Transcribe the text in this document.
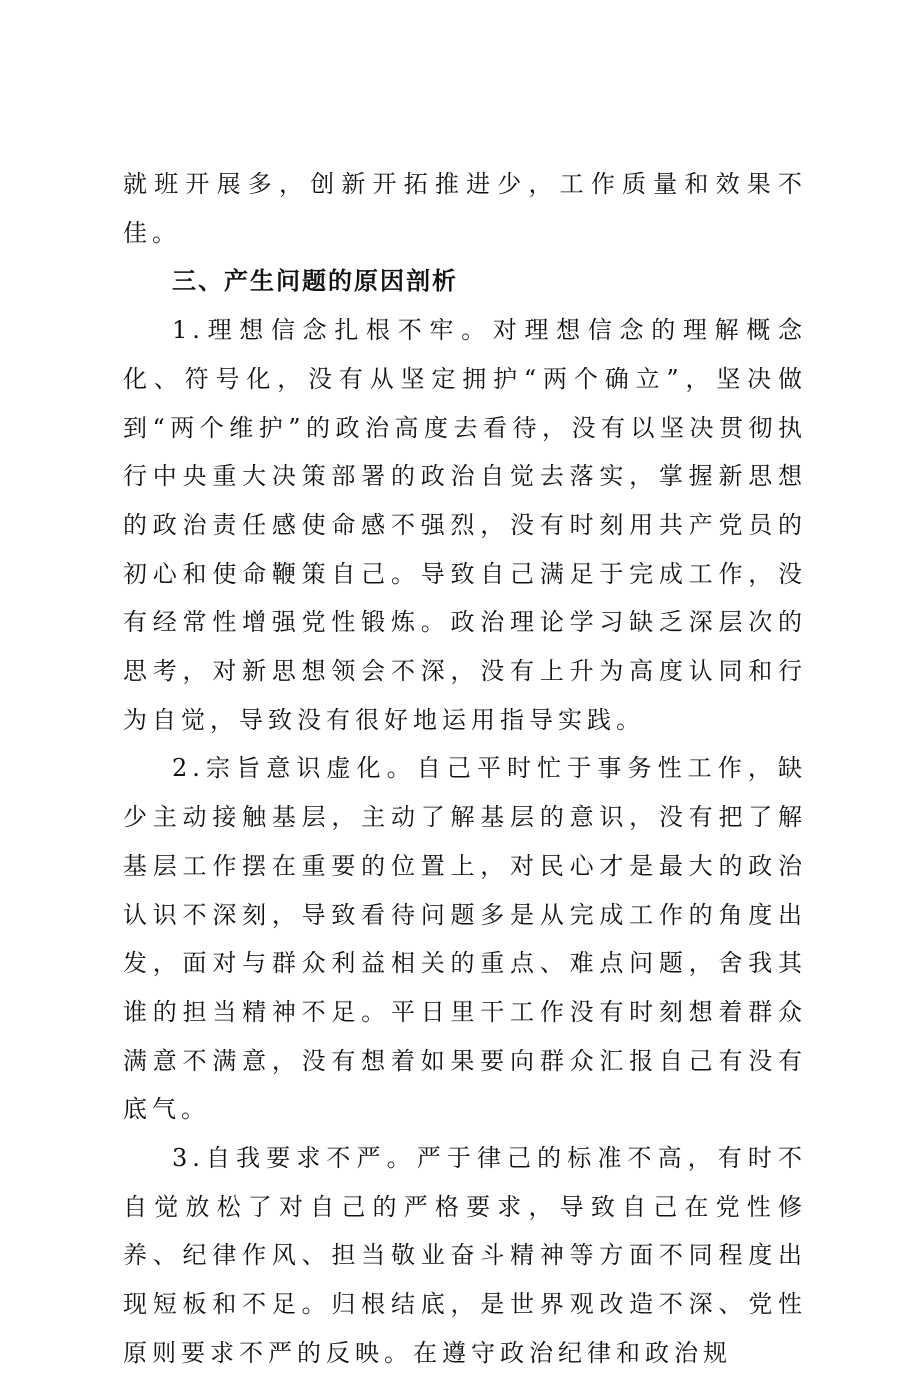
就班开展多，创新开拓推进少，工作质量和效果不佳。

三、产生问题的原因剖析

1.理想信念扎根不牢。对理想信念的理解概念化、符号化，没有从坚定拥护“两个确立”，坚决做到“两个维护”的政治高度去看待，没有以坚决贯彻执行中央重大决策部署的政治自觉去落实，掌握新思想的政治责任感使命感不强烈，没有时刻用共产党员的初心和使命鞭策自己。导致自己满足于完成工作，没有经常性增强党性锻炼。政治理论学习缺乏深层次的思考，对新思想领会不深，没有上升为高度认同和行为自觉，导致没有很好地运用指导实践。

2.宗旨意识虚化。自己平时忙于事务性工作，缺少主动接触基层，主动了解基层的意识，没有把了解基层工作摆在重要的位置上，对民心才是最大的政治认识不深刻，导致看待问题多是从完成工作的角度出发，面对与群众利益相关的重点、难点问题，舍我其谁的担当精神不足。平日里干工作没有时刻想着群众满意不满意，没有想着如果要向群众汇报自己有没有底气。

3.自我要求不严。严于律己的标准不高，有时不自觉放松了对自己的严格要求，导致自己在党性修养、纪律作风、担当敬业奋斗精神等方面不同程度出现短板和不足。归根结底，是世界观改造不深、党性原则要求不严的反映。在遵守政治纪律和政治规
